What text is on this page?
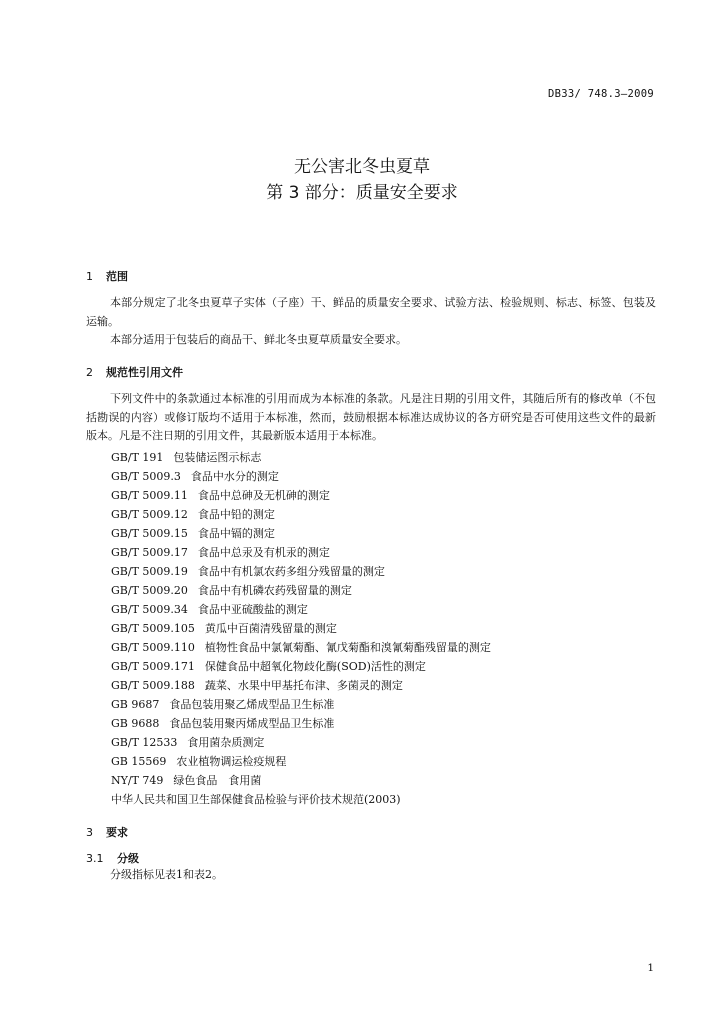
DB33/ 748.3—2009
无公害北冬虫夏草
第 3 部分：质量安全要求
1 范围

本部分规定了北冬虫夏草子实体（子座）干、鲜品的质量安全要求、试验方法、检验规则、标志、标签、包装及运输。

本部分适用于包装后的商品干、鲜北冬虫夏草质量安全要求。

2 规范性引用文件

下列文件中的条款通过本标准的引用而成为本标准的条款。凡是注日期的引用文件，其随后所有的修改单（不包括勘误的内容）或修订版均不适用于本标准，然而，鼓励根据本标准达成协议的各方研究是否可使用这些文件的最新版本。凡是不注日期的引用文件，其最新版本适用于本标准。

GB/T 191 包装储运图示标志
GB/T 5009.3 食品中水分的测定
GB/T 5009.11 食品中总砷及无机砷的测定
GB/T 5009.12 食品中铅的测定
GB/T 5009.15 食品中镉的测定
GB/T 5009.17 食品中总汞及有机汞的测定
GB/T 5009.19 食品中有机氯农药多组分残留量的测定
GB/T 5009.20 食品中有机磷农药残留量的测定
GB/T 5009.34 食品中亚硫酸盐的测定
GB/T 5009.105 黄瓜中百菌清残留量的测定
GB/T 5009.110 植物性食品中氯氰菊酯、氰戊菊酯和溴氰菊酯残留量的测定
GB/T 5009.171 保健食品中超氧化物歧化酶(SOD)活性的测定
GB/T 5009.188 蔬菜、水果中甲基托布津、多菌灵的测定
GB 9687 食品包装用聚乙烯成型品卫生标准
GB 9688 食品包装用聚丙烯成型品卫生标准
GB/T 12533 食用菌杂质测定
GB 15569 农业植物调运检疫规程
NY/T 749 绿色食品　食用菌
中华人民共和国卫生部保健食品检验与评价技术规范(2003)
3 要求
3.1 分级

分级指标见表1和表2。

1
